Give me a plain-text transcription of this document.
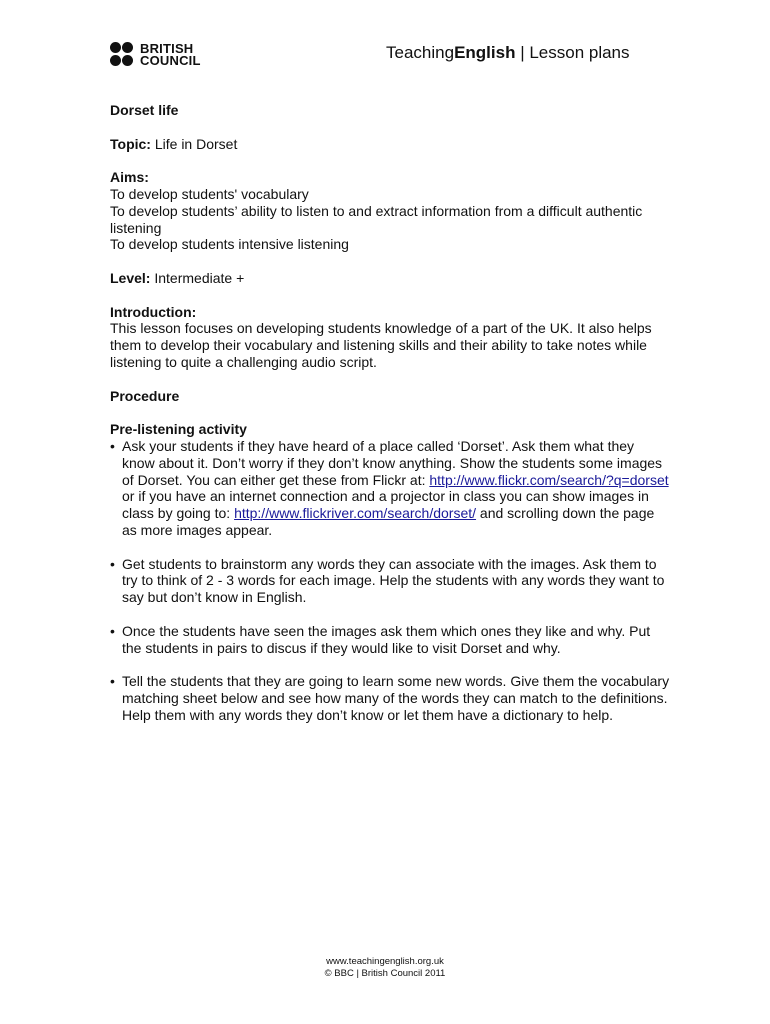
BRITISH
COUNCIL	TeachingEnglish | Lesson plans

Dorset life

Topic: Life in Dorset

Aims:

To develop students' vocabulary

To develop students’ ability to listen to and extract information from a difficult authentic listening

To develop students intensive listening

Level: Intermediate +

Introduction:

This lesson focuses on developing students knowledge of a part of the UK. It also helps them to develop their vocabulary and listening skills and their ability to take notes while listening to quite a challenging audio script.

Procedure

Pre-listening activity

• Ask your students if they have heard of a place called ‘Dorset’. Ask them what they know about it. Don’t worry if they don’t know anything. Show the students some images of Dorset. You can either get these from Flickr at: http://www.flickr.com/search/?q=dorset or if you have an internet connection and a projector in class you can show images in class by going to: http://www.flickriver.com/search/dorset/ and scrolling down the page as more images appear.
• Get students to brainstorm any words they can associate with the images. Ask them to try to think of 2 - 3 words for each image. Help the students with any words they want to say but don’t know in English.
• Once the students have seen the images ask them which ones they like and why. Put the students in pairs to discus if they would like to visit Dorset and why.
• Tell the students that they are going to learn some new words. Give them the vocabulary matching sheet below and see how many of the words they can match to the definitions. Help them with any words they don’t know or let them have a dictionary to help.
www.teachingenglish.org.uk
© BBC | British Council 2011
